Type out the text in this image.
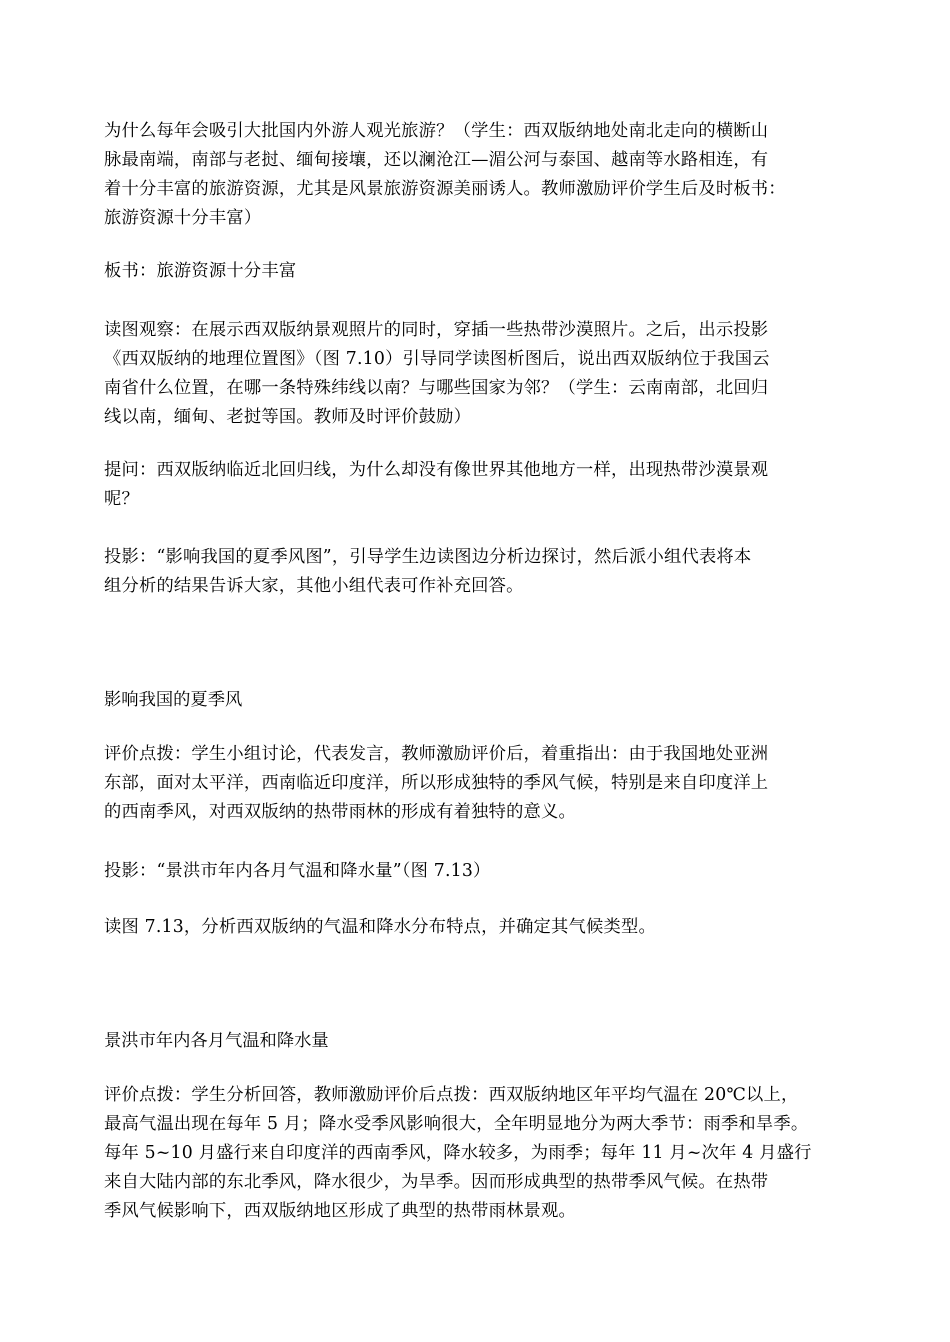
为什么每年会吸引大批国内外游人观光旅游？（学生：西双版纳地处南北走向的横断山
脉最南端，南部与老挝、缅甸接壤，还以澜沧江—湄公河与泰国、越南等水路相连，有
着十分丰富的旅游资源，尤其是风景旅游资源美丽诱人。教师激励评价学生后及时板书：
旅游资源十分丰富）

板书：旅游资源十分丰富

读图观察：在展示西双版纳景观照片的同时，穿插一些热带沙漠照片。之后，出示投影
《西双版纳的地理位置图》（图 7.10）引导同学读图析图后，说出西双版纳位于我国云
南省什么位置，在哪一条特殊纬线以南？与哪些国家为邻？（学生：云南南部，北回归
线以南，缅甸、老挝等国。教师及时评价鼓励）

提问：西双版纳临近北回归线，为什么却没有像世界其他地方一样，出现热带沙漠景观
呢？

投影：“影响我国的夏季风图”，引导学生边读图边分析边探讨，然后派小组代表将本
组分析的结果告诉大家，其他小组代表可作补充回答。

影响我国的夏季风

评价点拨：学生小组讨论，代表发言，教师激励评价后，着重指出：由于我国地处亚洲
东部，面对太平洋，西南临近印度洋，所以形成独特的季风气候，特别是来自印度洋上
的西南季风，对西双版纳的热带雨林的形成有着独特的意义。

投影：“景洪市年内各月气温和降水量”（图 7.13）

读图 7.13，分析西双版纳的气温和降水分布特点，并确定其气候类型。

景洪市年内各月气温和降水量

评价点拨：学生分析回答，教师激励评价后点拨：西双版纳地区年平均气温在 20℃以上，
最高气温出现在每年 5 月；降水受季风影响很大，全年明显地分为两大季节：雨季和旱季。
每年 5~10 月盛行来自印度洋的西南季风，降水较多，为雨季；每年 11 月~次年 4 月盛行
来自大陆内部的东北季风，降水很少，为旱季。因而形成典型的热带季风气候。在热带
季风气候影响下，西双版纳地区形成了典型的热带雨林景观。
